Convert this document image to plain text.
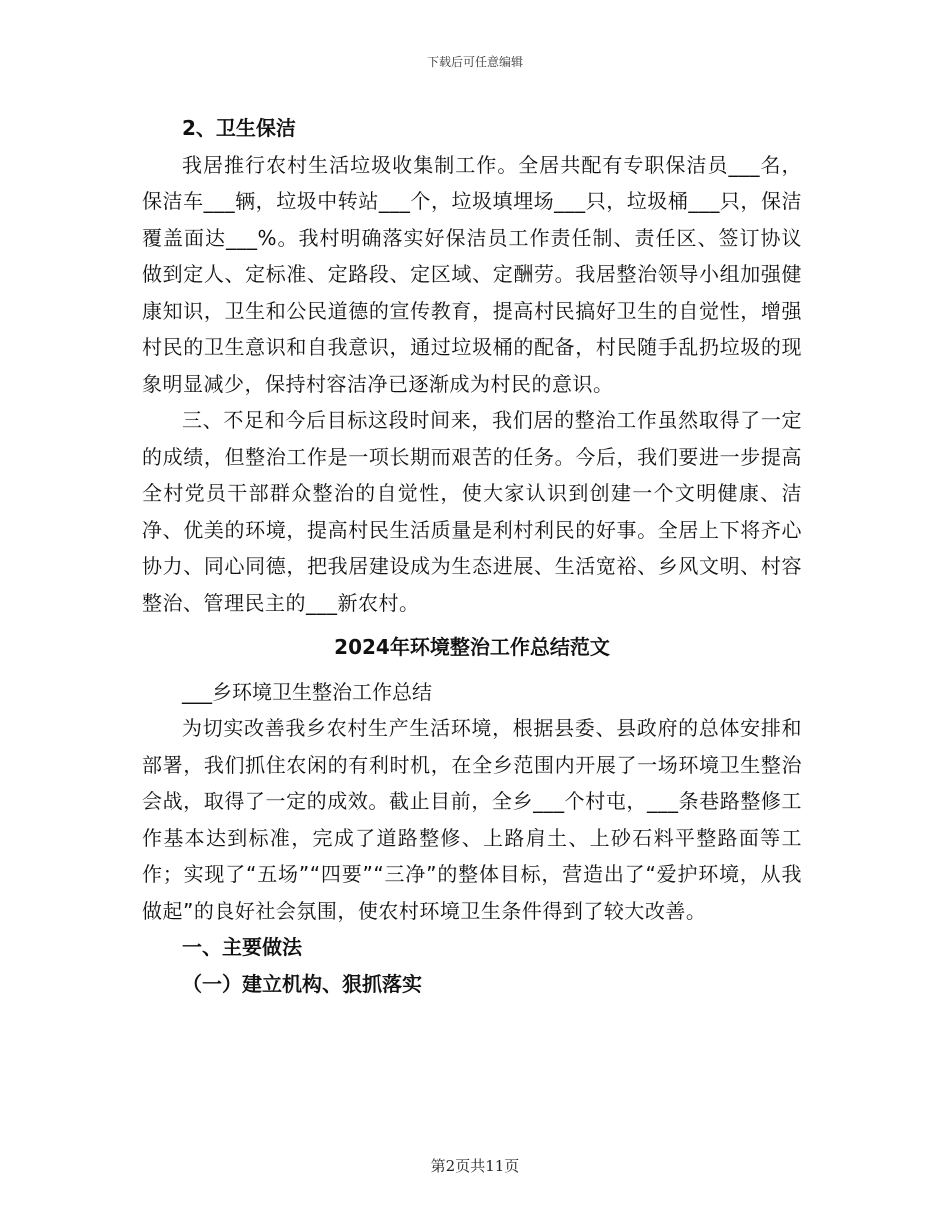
下载后可任意编辑

2、卫生保洁

我居推行农村生活垃圾收集制工作。全居共配有专职保洁员___名，保洁车___辆，垃圾中转站___个，垃圾填埋场___只，垃圾桶___只，保洁覆盖面达___%。我村明确落实好保洁员工作责任制、责任区、签订协议做到定人、定标准、定路段、定区域、定酬劳。我居整治领导小组加强健康知识，卫生和公民道德的宣传教育，提高村民搞好卫生的自觉性，增强村民的卫生意识和自我意识，通过垃圾桶的配备，村民随手乱扔垃圾的现象明显减少，保持村容洁净已逐渐成为村民的意识。

三、不足和今后目标这段时间来，我们居的整治工作虽然取得了一定的成绩，但整治工作是一项长期而艰苦的任务。今后，我们要进一步提高全村党员干部群众整治的自觉性，使大家认识到创建一个文明健康、洁净、优美的环境，提高村民生活质量是利村利民的好事。全居上下将齐心协力、同心同德，把我居建设成为生态进展、生活宽裕、乡风文明、村容整治、管理民主的___新农村。

2024年环境整治工作总结范文

___乡环境卫生整治工作总结

为切实改善我乡农村生产生活环境，根据县委、县政府的总体安排和部署，我们抓住农闲的有利时机，在全乡范围内开展了一场环境卫生整治会战，取得了一定的成效。截止目前，全乡___个村屯，___条巷路整修工作基本达到标准，完成了道路整修、上路肩土、上砂石料平整路面等工作；实现了“五场”“四要”“三净”的整体目标，营造出了“爱护环境，从我做起”的良好社会氛围，使农村环境卫生条件得到了较大改善。

一、主要做法

（一）建立机构、狠抓落实

第2页共11页
